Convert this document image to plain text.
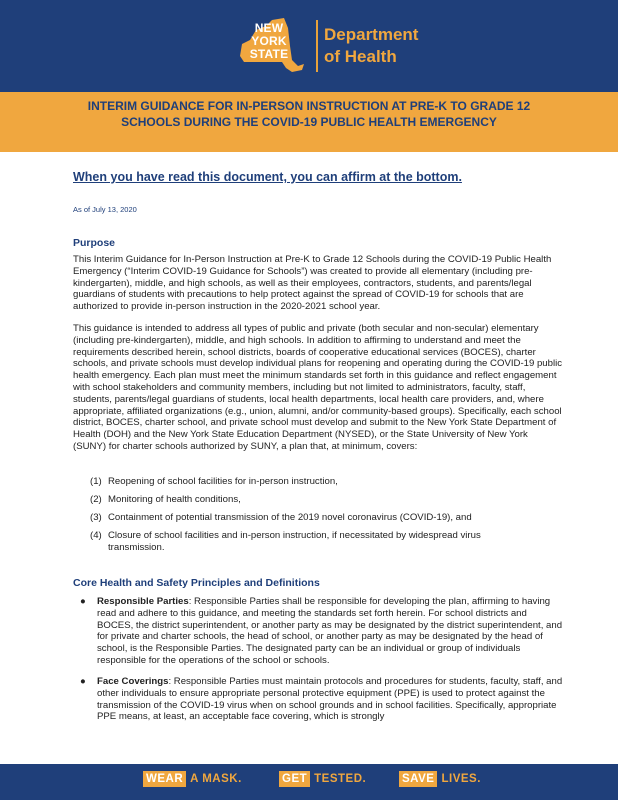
NEW
YORK
STATE
Department
of Health
INTERIM GUIDANCE FOR IN-PERSON INSTRUCTION AT PRE-K TO GRADE 12 SCHOOLS DURING THE COVID-19 PUBLIC HEALTH EMERGENCY
When you have read this document, you can affirm at the bottom.
As of July 13, 2020
Purpose
This Interim Guidance for In-Person Instruction at Pre-K to Grade 12 Schools during the COVID-19 Public Health Emergency (“Interim COVID-19 Guidance for Schools”) was created to provide all elementary (including pre-kindergarten), middle, and high schools, as well as their employees, contractors, students, and parents/legal guardians of students with precautions to help protect against the spread of COVID-19 for schools that are authorized to provide in-person instruction in the 2020-2021 school year.
This guidance is intended to address all types of public and private (both secular and non-secular) elementary (including pre-kindergarten), middle, and high schools. In addition to affirming to understand and meet the requirements described herein, school districts, boards of cooperative educational services (BOCES), charter schools, and private schools must develop individual plans for reopening and operating during the COVID-19 public health emergency. Each plan must meet the minimum standards set forth in this guidance and reflect engagement with school stakeholders and community members, including but not limited to administrators, faculty, staff, students, parents/legal guardians of students, local health departments, local health care providers, and, where appropriate, affiliated organizations (e.g., union, alumni, and/or community-based groups). Specifically, each school district, BOCES, charter school, and private school must develop and submit to the New York State Department of Health (DOH) and the New York State Education Department (NYSED), or the State University of New York (SUNY) for charter schools authorized by SUNY, a plan that, at minimum, covers:
(1) Reopening of school facilities for in-person instruction,
(2) Monitoring of health conditions,
(3) Containment of potential transmission of the 2019 novel coronavirus (COVID-19), and
(4) Closure of school facilities and in-person instruction, if necessitated by widespread virus transmission.
Core Health and Safety Principles and Definitions
●	Responsible Parties: Responsible Parties shall be responsible for developing the plan, affirming to having read and adhere to this guidance, and meeting the standards set forth herein. For school districts and BOCES, the district superintendent, or another party as may be designated by the district superintendent, and for private and charter schools, the head of school, or another party as may be designated by the head of school, is the Responsible Parties. The designated party can be an individual or group of individuals responsible for the operations of the school or schools.
●	Face Coverings: Responsible Parties must maintain protocols and procedures for students, faculty, staff, and other individuals to ensure appropriate personal protective equipment (PPE) is used to protect against the transmission of the COVID-19 virus when on school grounds and in school facilities. Specifically, appropriate PPE means, at least, an acceptable face covering, which is strongly
WEAR A MASK.	GET TESTED.	SAVE LIVES.
